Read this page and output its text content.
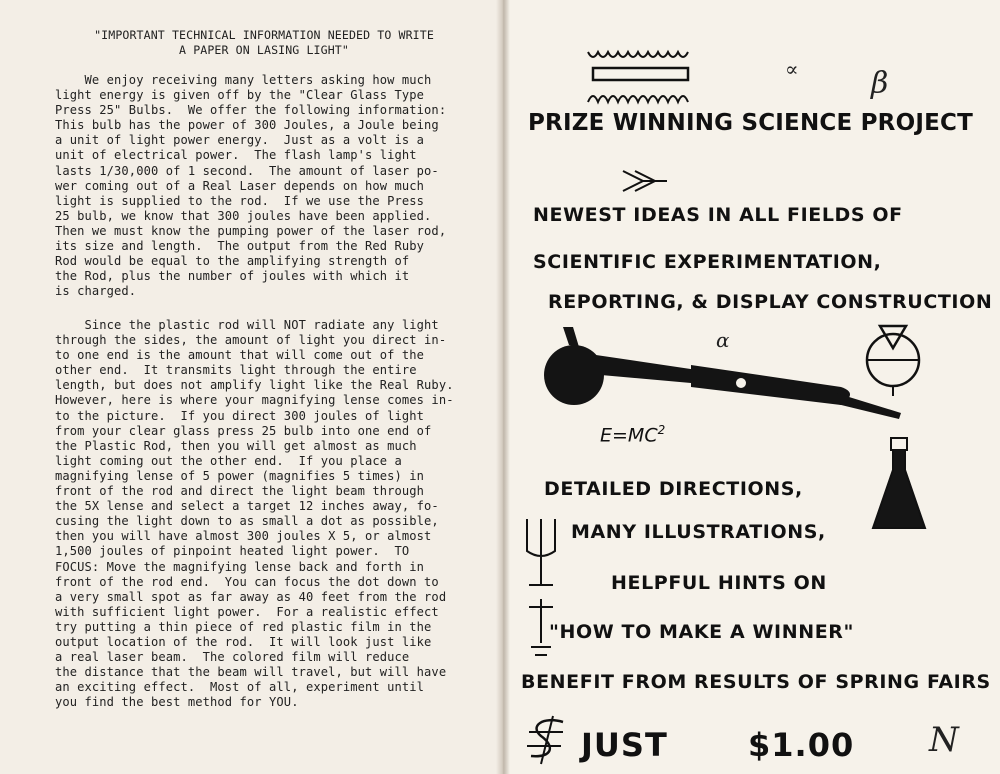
"IMPORTANT TECHNICAL INFORMATION NEEDED TO WRITE
A PAPER ON LASING LIGHT"
We enjoy receiving many letters asking how much
light energy is given off by the "Clear Glass Type
Press 25" Bulbs.  We offer the following information:
This bulb has the power of 300 Joules, a Joule being
a unit of light power energy.  Just as a volt is a
unit of electrical power.  The flash lamp's light
lasts 1/30,000 of 1 second.  The amount of laser po-
wer coming out of a Real Laser depends on how much
light is supplied to the rod.  If we use the Press
25 bulb, we know that 300 joules have been applied.
Then we must know the pumping power of the laser rod,
its size and length.  The output from the Red Ruby
Rod would be equal to the amplifying strength of
the Rod, plus the number of joules with which it
is charged.
Since the plastic rod will NOT radiate any light
through the sides, the amount of light you direct in-
to one end is the amount that will come out of the
other end.  It transmits light through the entire
length, but does not amplify light like the Real Ruby.
However, here is where your magnifying lense comes in-
to the picture.  If you direct 300 joules of light
from your clear glass press 25 bulb into one end of
the Plastic Rod, then you will get almost as much
light coming out the other end.  If you place a
magnifying lense of 5 power (magnifies 5 times) in
front of the rod and direct the light beam through
the 5X lense and select a target 12 inches away, fo-
cusing the light down to as small a dot as possible,
then you will have almost 300 joules X 5, or almost
1,500 joules of pinpoint heated light power.  TO
FOCUS: Move the magnifying lense back and forth in
front of the rod end.  You can focus the dot down to
a very small spot as far away as 40 feet from the rod
with sufficient light power.  For a realistic effect
try putting a thin piece of red plastic film in the
output location of the rod.  It will look just like
a real laser beam.  The colored film will reduce
the distance that the beam will travel, but will have
an exciting effect.  Most of all, experiment until
you find the best method for YOU.
∝ β
PRIZE WINNING SCIENCE PROJECT
NEWEST IDEAS IN ALL FIELDS OF
SCIENTIFIC EXPERIMENTATION,
REPORTING, & DISPLAY CONSTRUCTION
α
$E=MC^2$
DETAILED DIRECTIONS,
MANY ILLUSTRATIONS,
HELPFUL HINTS ON
"HOW TO MAKE A WINNER"
BENEFIT FROM RESULTS OF SPRING FAIRS
JUST	$1.00 N
